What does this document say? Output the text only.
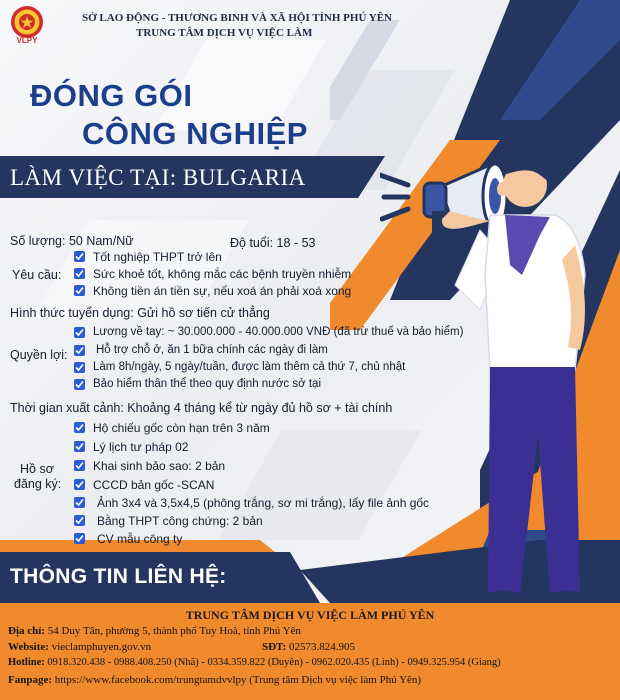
VLPY
SỞ LAO ĐỘNG - THƯƠNG BINH VÀ XÃ HỘI TỈNH PHÚ YÊN
TRUNG TÂM DỊCH VỤ VIỆC LÀM
ĐÓNG GÓI
CÔNG NGHIỆP
LÀM VIỆC TẠI: BULGARIA
Số lượng: 50 Nam/Nữ	Độ tuổi: 18 - 53
Yêu cầu:
Tốt nghiệp THPT trở lên
Sức khoẻ tốt, không mắc các bệnh truyền nhiễm
Không tiền án tiền sự, nếu xoá án phải xoá xong
Hình thức tuyển dụng: Gửi hồ sơ tiến cử thẳng
Quyền lợi:
Lương về tay: ~ 30.000.000 - 40.000.000 VNĐ (đã trừ thuế và bảo hiểm)
Hỗ trợ chỗ ở, ăn 1 bữa chính các ngày đi làm
Làm 8h/ngày, 5 ngày/tuần, được làm thêm cả thứ 7, chủ nhật
Bảo hiểm thân thể theo quy định nước sở tại
Thời gian xuất cảnh: Khoảng 4 tháng kể từ ngày đủ hồ sơ + tài chính
Hồ sơ
đăng ký:
Hộ chiếu gốc còn hạn trên 3 năm
Lý lịch tư pháp 02
Khai sinh bảo sao: 2 bản
CCCD bản gốc -SCAN
Ảnh 3x4 và 3,5x4,5 (phông trắng, sơ mi trắng), lấy file ảnh gốc
Bằng THPT công chứng: 2 bản
CV mẫu công ty
THÔNG TIN LIÊN HỆ:
TRUNG TÂM DỊCH VỤ VIỆC LÀM PHÚ YÊN
Địa chỉ: 54 Duy Tân, phường 5, thành phố Tuy Hoà, tỉnh Phú Yên
Website: vieclamphuyen.gov.vn	SĐT: 02573.824.905
Hotline: 0918.320.438 - 0988.408.250 (Nhã) - 0334.359.822 (Duyên) - 0962.020.435 (Linh) - 0949.325.954 (Giang)
Fanpage: https://www.facebook.com/trungtamdvvlpy (Trung tâm Dịch vụ việc làm Phú Yên)
